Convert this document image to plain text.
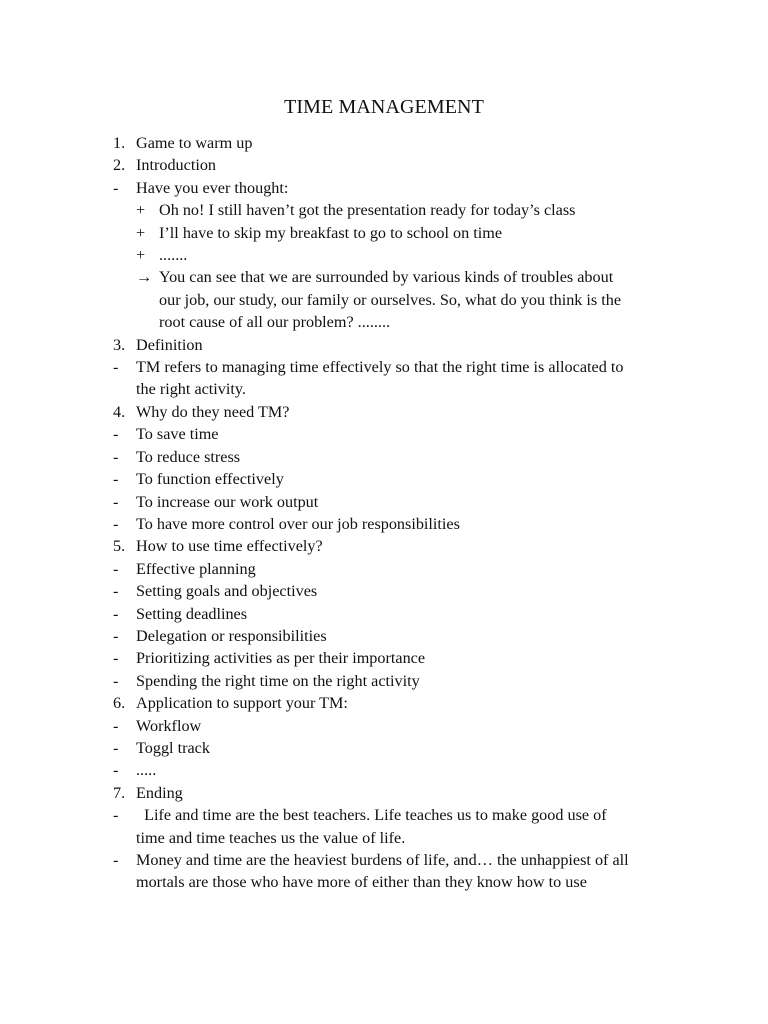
TIME MANAGEMENT
1. Game to warm up
2. Introduction
- Have you ever thought:
+ Oh no! I still haven’t got the presentation ready for today’s class
+ I’ll have to skip my breakfast to go to school on time
+ .......
→ You can see that we are surrounded by various kinds of troubles about
our job, our study, our family or ourselves. So, what do you think is the
root cause of all our problem? ........
3. Definition
- TM refers to managing time effectively so that the right time is allocated to
the right activity.
4. Why do they need TM?
- To save time
- To reduce stress
- To function effectively
- To increase our work output
- To have more control over our job responsibilities
5. How to use time effectively?
- Effective planning
- Setting goals and objectives
- Setting deadlines
- Delegation or responsibilities
- Prioritizing activities as per their importance
- Spending the right time on the right activity
6. Application to support your TM:
- Workflow
- Toggl track
- .....
7. Ending
- Life and time are the best teachers. Life teaches us to make good use of
time and time teaches us the value of life.
- Money and time are the heaviest burdens of life, and… the unhappiest of all
mortals are those who have more of either than they know how to use
